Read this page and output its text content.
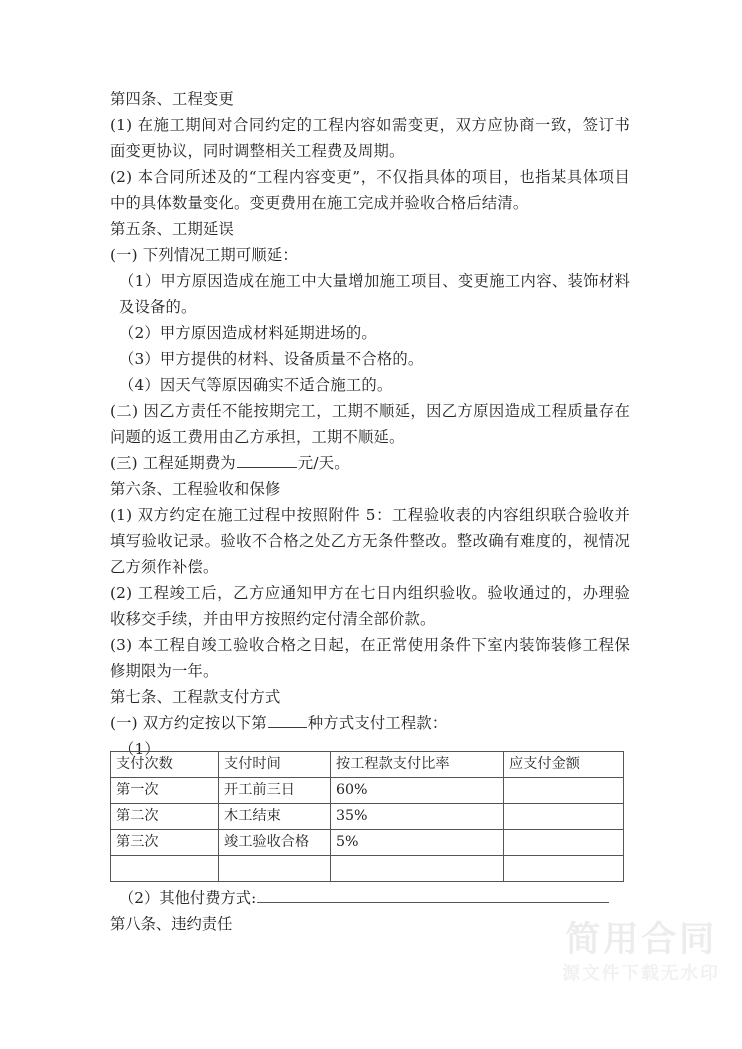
第四条、工程变更

(1) 在施工期间对合同约定的工程内容如需变更，双方应协商一致，签订书面变更协议，同时调整相关工程费及周期。

(2) 本合同所述及的“工程内容变更”，不仅指具体的项目，也指某具体项目中的具体数量变化。变更费用在施工完成并验收合格后结清。

第五条、工期延误

(一) 下列情况工期可顺延：

（1）甲方原因造成在施工中大量增加施工项目、变更施工内容、装饰材料及设备的。

（2）甲方原因造成材料延期进场的。

（3）甲方提供的材料、设备质量不合格的。

（4）因天气等原因确实不适合施工的。

(二) 因乙方责任不能按期完工，工期不顺延，因乙方原因造成工程质量存在问题的返工费用由乙方承担，工期不顺延。

(三) 工程延期费为	元/天。

第六条、工程验收和保修

(1) 双方约定在施工过程中按照附件 5：工程验收表的内容组织联合验收并填写验收记录。验收不合格之处乙方无条件整改。整改确有难度的，视情况乙方须作补偿。

(2) 工程竣工后，乙方应通知甲方在七日内组织验收。验收通过的，办理验收移交手续，并由甲方按照约定付清全部价款。

(3) 本工程自竣工验收合格之日起，在正常使用条件下室内装饰装修工程保修期限为一年。

第七条、工程款支付方式

(一) 双方约定按以下第	种方式支付工程款：

（1）

支付次数	支付时间	按工程款支付比率	应支付金额
第一次	开工前三日	60%	
第二次	木工结束	35%	
第三次	竣工验收合格	5%	

（2）其他付费方式:
第八条、违约责任	简用合同
源文件下载无水印
